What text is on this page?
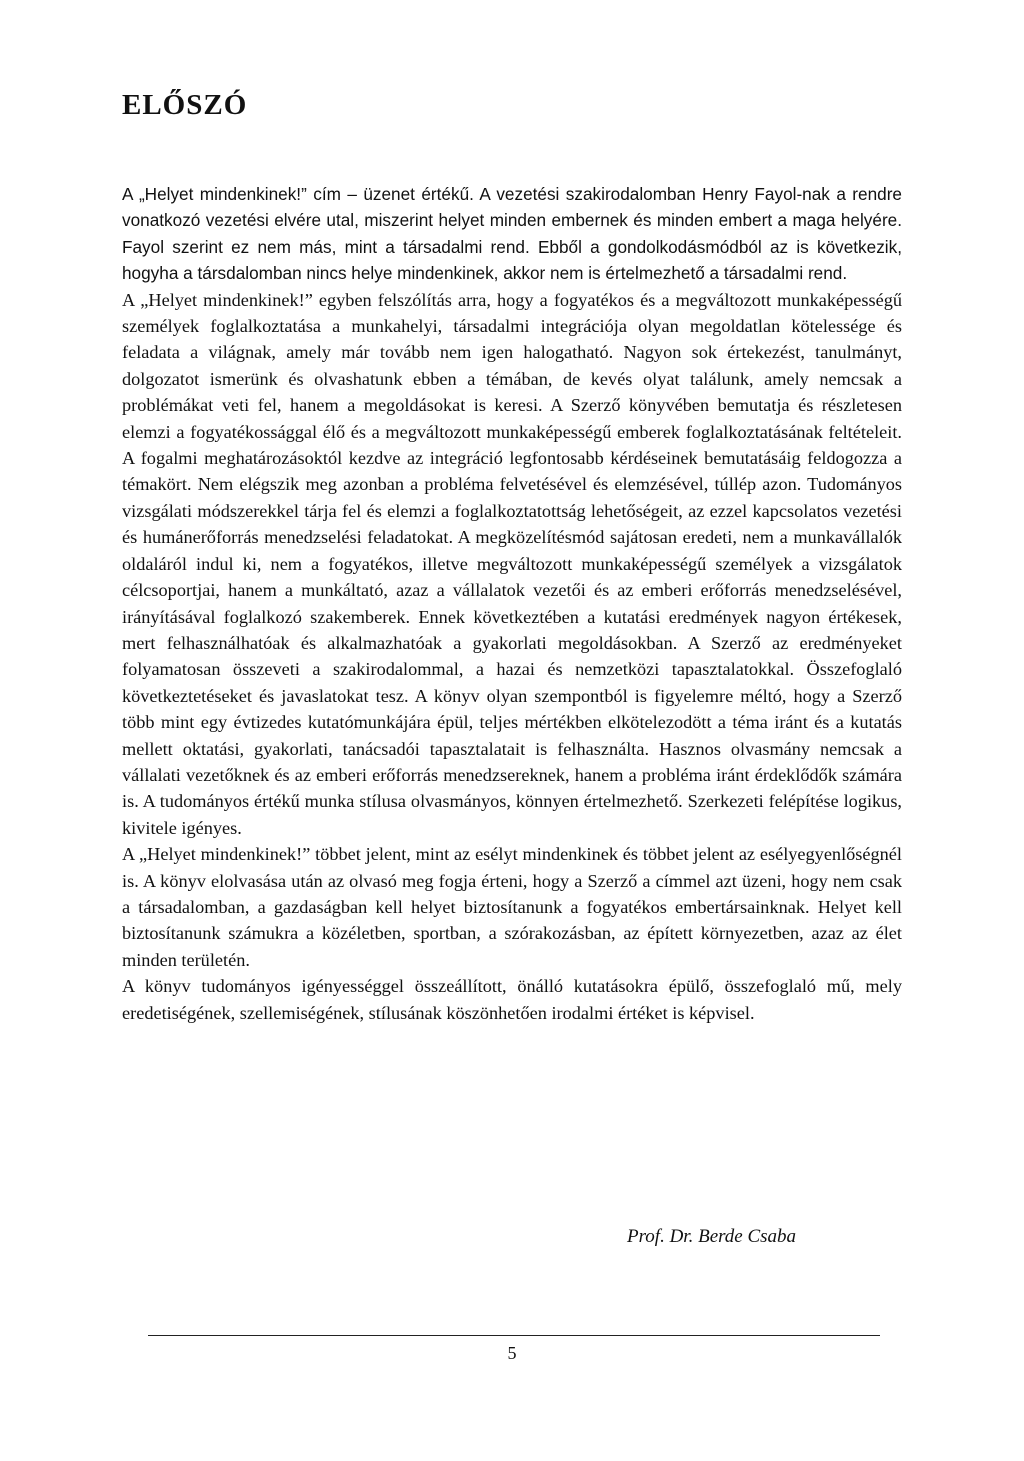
ELŐSZÓ

A „Helyet mindenkinek!” cím – üzenet értékű. A vezetési szakirodalomban Henry Fayol-nak a rendre vonatkozó vezetési elvére utal, miszerint helyet minden embernek és minden embert a maga helyére. Fayol szerint ez nem más, mint a társadalmi rend. Ebből a gondolkodásmódból az is következik, hogyha a társdalomban nincs helye mindenkinek, akkor nem is értelmezhető a társadalmi rend.

A „Helyet mindenkinek!” egyben felszólítás arra, hogy a fogyatékos és a megváltozott munkaképességű személyek foglalkoztatása a munkahelyi, társadalmi integrációja olyan megoldatlan kötelessége és feladata a világnak, amely már tovább nem igen halogatható. Nagyon sok értekezést, tanulmányt, dolgozatot ismerünk és olvashatunk ebben a témában, de kevés olyat találunk, amely nemcsak a problémákat veti fel, hanem a megoldásokat is keresi. A Szerző könyvében bemutatja és részletesen elemzi a fogyatékossággal élő és a megváltozott munkaképességű emberek foglalkoztatásának feltételeit. A fogalmi meghatározásoktól kezdve az integráció legfontosabb kérdéseinek bemutatásáig feldogozza a témakört. Nem elégszik meg azonban a probléma felvetésével és elemzésével, túllép azon. Tudományos vizsgálati módszerekkel tárja fel és elemzi a foglalkoztatottság lehetőségeit, az ezzel kapcsolatos vezetési és humánerőforrás menedzselési feladatokat. A megközelítésmód sajátosan eredeti, nem a munkavállalók oldaláról indul ki, nem a fogyatékos, illetve megváltozott munkaképességű személyek a vizsgálatok célcsoportjai, hanem a munkáltató, azaz a vállalatok vezetői és az emberi erőforrás menedzselésével, irányításával foglalkozó szakemberek. Ennek következtében a kutatási eredmények nagyon értékesek, mert felhasználhatóak és alkalmazhatóak a gyakorlati megoldásokban. A Szerző az eredményeket folyamatosan összeveti a szakirodalommal, a hazai és nemzetközi tapasztalatokkal. Összefoglaló következtetéseket és javaslatokat tesz. A könyv olyan szempontból is figyelemre méltó, hogy a Szerző több mint egy évtizedes kutatómunkájára épül, teljes mértékben elkötelezodött a téma iránt és a kutatás mellett oktatási, gyakorlati, tanácsadói tapasztalatait is felhasználta. Hasznos olvasmány nemcsak a vállalati vezetőknek és az emberi erőforrás menedzsereknek, hanem a probléma iránt érdeklődők számára is. A tudományos értékű munka stílusa olvasmányos, könnyen értelmezhető. Szerkezeti felépítése logikus, kivitele igényes.

A „Helyet mindenkinek!” többet jelent, mint az esélyt mindenkinek és többet jelent az esélyegyenlőségnél is. A könyv elolvasása után az olvasó meg fogja érteni, hogy a Szerző a címmel azt üzeni, hogy nem csak a társadalomban, a gazdaságban kell helyet biztosítanunk a fogyatékos embertársainknak. Helyet kell biztosítanunk számukra a közéletben, sportban, a szórakozásban, az épített környezetben, azaz az élet minden területén.

A könyv tudományos igényességgel összeállított, önálló kutatásokra épülő, összefoglaló mű, mely eredetiségének, szellemiségének, stílusának köszönhetően irodalmi értéket is képvisel.

Prof. Dr. Berde Csaba
5
